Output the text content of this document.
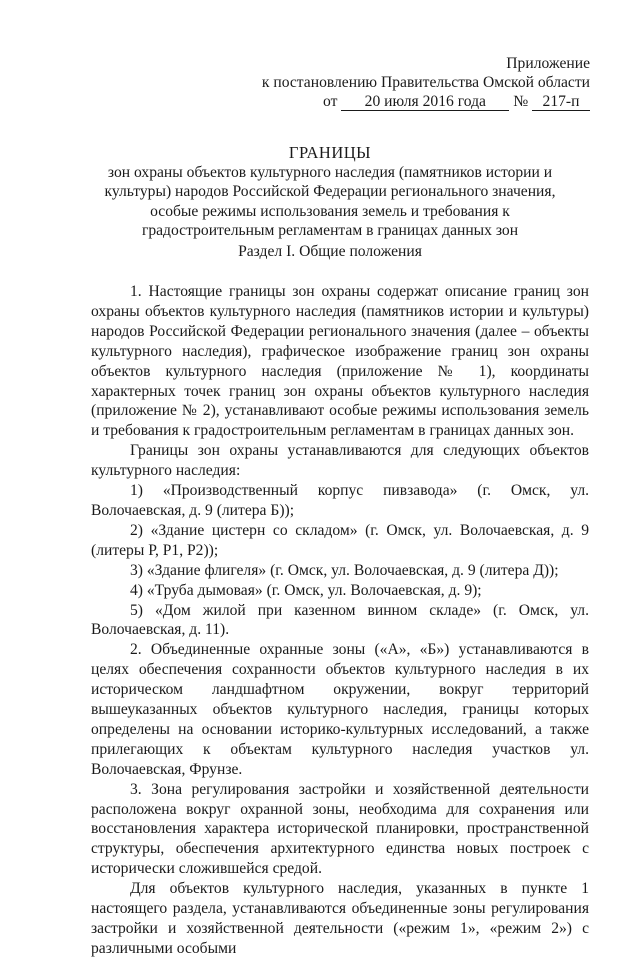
Приложение
к постановлению Правительства Омской области
от 20 июля 2016 года № 217-п
ГРАНИЦЫ
зон охраны объектов культурного наследия (памятников истории и культуры) народов Российской Федерации регионального значения, особые режимы использования земель и требования к градостроительным регламентам в границах данных зон
Раздел I. Общие положения

1. Настоящие границы зон охраны содержат описание границ зон охраны объектов культурного наследия (памятников истории и культуры) народов Российской Федерации регионального значения (далее – объекты культурного наследия), графическое изображение границ зон охраны объектов культурного наследия (приложение № 1), координаты характерных точек границ зон охраны объектов культурного наследия (приложение № 2), устанавливают особые режимы использования земель и требования к градостроительным регламентам в границах данных зон.

Границы зон охраны устанавливаются для следующих объектов культурного наследия:

1) «Производственный корпус пивзавода» (г. Омск, ул. Волочаевская, д. 9 (литера Б));

2) «Здание цистерн со складом» (г. Омск, ул. Волочаевская, д. 9 (литеры Р, Р1, Р2));

3) «Здание флигеля» (г. Омск, ул. Волочаевская, д. 9 (литера Д));

4) «Труба дымовая» (г. Омск, ул. Волочаевская, д. 9);

5) «Дом жилой при казенном винном складе» (г. Омск, ул. Волочаевская, д. 11).

2. Объединенные охранные зоны («А», «Б») устанавливаются в целях обеспечения сохранности объектов культурного наследия в их историческом ландшафтном окружении, вокруг территорий вышеуказанных объектов культурного наследия, границы которых определены на основании историко-культурных исследований, а также прилегающих к объектам культурного наследия участков ул. Волочаевская, Фрунзе.

3. Зона регулирования застройки и хозяйственной деятельности расположена вокруг охранной зоны, необходима для сохранения или восстановления характера исторической планировки, пространственной структуры, обеспечения архитектурного единства новых построек с исторически сложившейся средой.

Для объектов культурного наследия, указанных в пункте 1 настоящего раздела, устанавливаются объединенные зоны регулирования застройки и хозяйственной деятельности («режим 1», «режим 2») с различными особыми
